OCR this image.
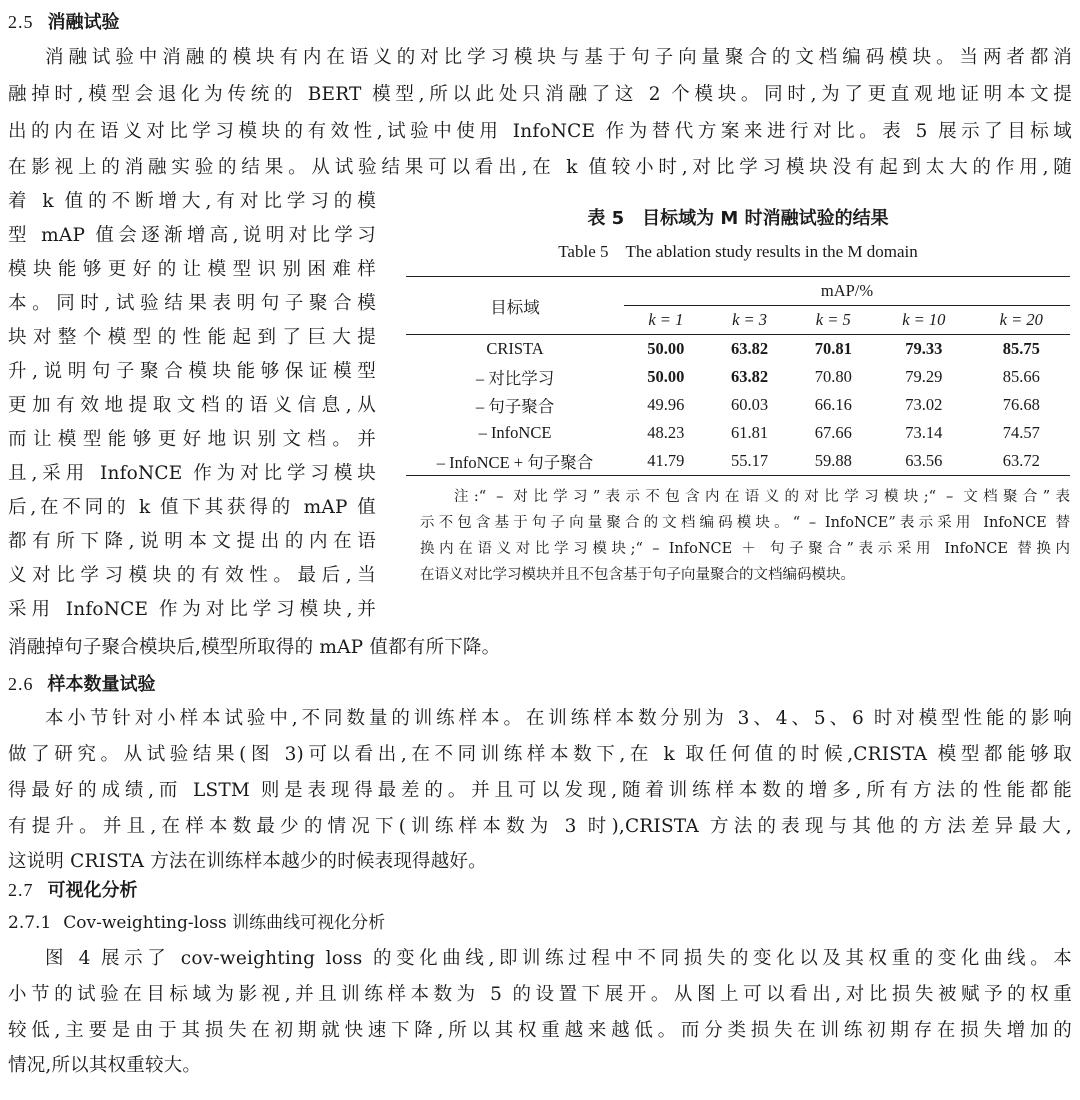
2.5 消融试验
消融试验中消融的模块有内在语义的对比学习模块与基于句子向量聚合的文档编码模块。当两者都消
融掉时,模型会退化为传统的 BERT 模型,所以此处只消融了这 2 个模块。同时,为了更直观地证明本文提
出的内在语义对比学习模块的有效性,试验中使用 InfoNCE 作为替代方案来进行对比。表 5 展示了目标域
在影视上的消融实验的结果。从试验结果可以看出,在 k 值较小时,对比学习模块没有起到太大的作用,随
着 k 值的不断增大,有对比学习的模
型 mAP 值会逐渐增高,说明对比学习
模块能够更好的让模型识别困难样
本。同时,试验结果表明句子聚合模
块对整个模型的性能起到了巨大提
升,说明句子聚合模块能够保证模型
更加有效地提取文档的语义信息,从
而让模型能够更好地识别文档。并
且,采用 InfoNCE 作为对比学习模块
后,在不同的 k 值下其获得的 mAP 值
都有所下降,说明本文提出的内在语
义对比学习模块的有效性。最后,当
采用 InfoNCE 作为对比学习模块,并
消融掉句子聚合模块后,模型所取得的 mAP 值都有所下降。
表 5　目标域为 M 时消融试验的结果
Table 5　The ablation study results in the M domain
目标域	mAP/%				
	k = 1	k = 3	k = 5	k = 10	k = 20
CRISTA	50.00	63.82	70.81	79.33	85.75
– 对比学习	50.00	63.82	70.80	79.29	85.66
– 句子聚合	49.96	60.03	66.16	73.02	76.68
– InfoNCE	48.23	61.81	67.66	73.14	74.57
– InfoNCE + 句子聚合	41.79	55.17	59.88	63.56	63.72
注:“ – 对比学习”表示不包含内在语义的对比学习模块;“ – 文档聚合”表
示不包含基于句子向量聚合的文档编码模块。“ – InfoNCE”表示采用 InfoNCE 替
换内在语义对比学习模块;“ – InfoNCE ＋ 句子聚合”表示采用 InfoNCE 替换内
在语义对比学习模块并且不包含基于句子向量聚合的文档编码模块。
2.6 样本数量试验
本小节针对小样本试验中,不同数量的训练样本。在训练样本数分别为 3、4、5、6 时对模型性能的影响
做了研究。从试验结果(图 3)可以看出,在不同训练样本数下,在 k 取任何值的时候,CRISTA 模型都能够取
得最好的成绩,而 LSTM 则是表现得最差的。并且可以发现,随着训练样本数的增多,所有方法的性能都能
有提升。并且,在样本数最少的情况下(训练样本数为 3 时),CRISTA 方法的表现与其他的方法差异最大,
这说明 CRISTA 方法在训练样本越少的时候表现得越好。
2.7 可视化分析
2.7.1 Cov-weighting-loss 训练曲线可视化分析
图 4 展示了 cov-weighting loss 的变化曲线,即训练过程中不同损失的变化以及其权重的变化曲线。本
小节的试验在目标域为影视,并且训练样本数为 5 的设置下展开。从图上可以看出,对比损失被赋予的权重
较低,主要是由于其损失在初期就快速下降,所以其权重越来越低。而分类损失在训练初期存在损失增加的
情况,所以其权重较大。
